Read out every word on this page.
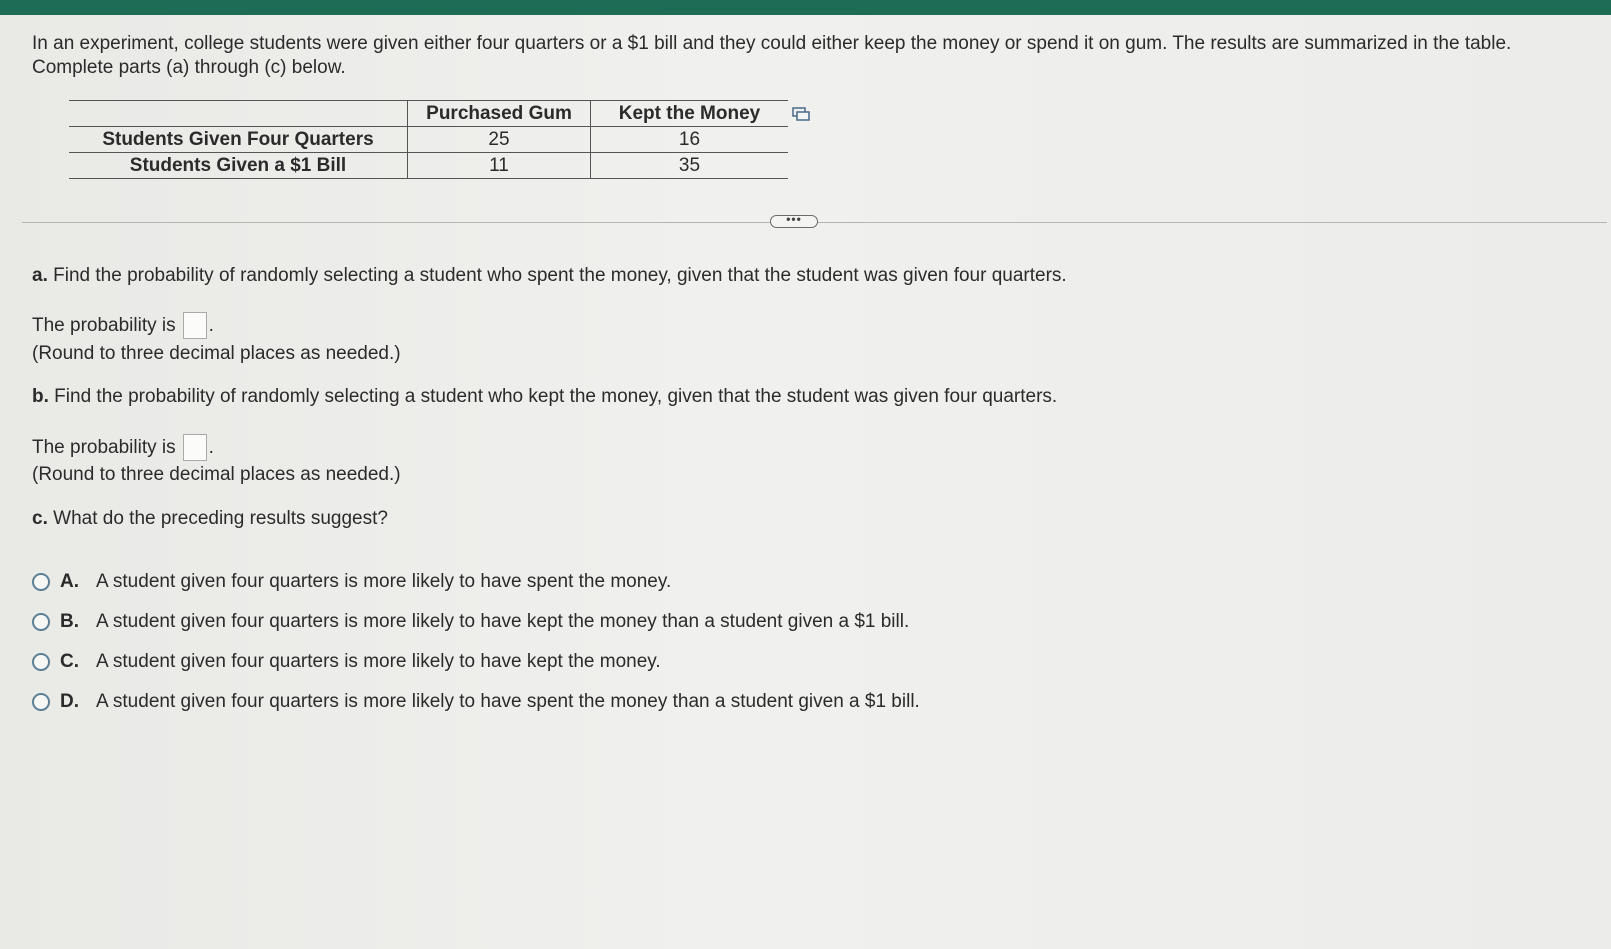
In an experiment, college students were given either four quarters or a $1 bill and they could either keep the money or spend it on gum. The results are summarized in the table.

Complete parts (a) through (c) below.

	Purchased Gum	Kept the Money
Students Given Four Quarters	25	16
Students Given a $1 Bill	11	35
•••
a. Find the probability of randomly selecting a student who spent the money, given that the student was given four quarters.
The probability is .
(Round to three decimal places as needed.)
b. Find the probability of randomly selecting a student who kept the money, given that the student was given four quarters.
The probability is .
(Round to three decimal places as needed.)
c. What do the preceding results suggest?
A. A student given four quarters is more likely to have spent the money.
B. A student given four quarters is more likely to have kept the money than a student given a $1 bill.
C. A student given four quarters is more likely to have kept the money.
D. A student given four quarters is more likely to have spent the money than a student given a $1 bill.
